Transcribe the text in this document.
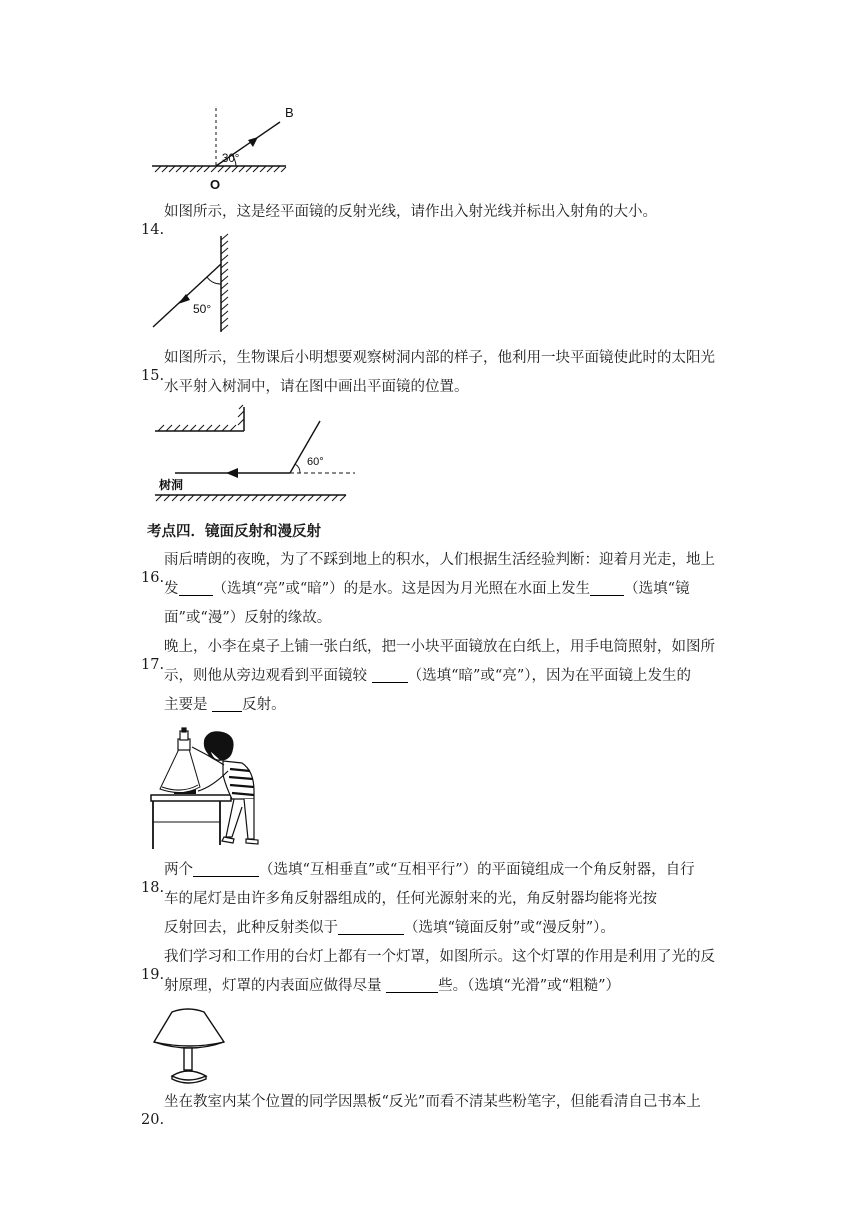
B
O
30°
14.
如图所示，这是经平面镜的反射光线，请作出入射光线并标出入射角的大小。
50°
15.
如图所示，生物课后小明想要观察树洞内部的样子，他利用一块平面镜使此时的太阳光
水平射入树洞中，请在图中画出平面镜的位置。
60°
树洞
考点四．镜面反射和漫反射
16.
雨后晴朗的夜晚，为了不踩到地上的积水，人们根据生活经验判断：迎着月光走，地上
发 （选填“亮”或“暗”）的是水。这是因为月光照在水面上发生 （选填“镜
面”或“漫”）反射的缘故。
17.
晚上，小李在桌子上铺一张白纸，把一小块平面镜放在白纸上，用手电筒照射，如图所
示，则他从旁边观看到平面镜较 （选填“暗”或“亮”），因为在平面镜上发生的
主要是 反射。
18.
两个	（选填“互相垂直”或“互相平行”）的平面镜组成一个角反射器，自行
车的尾灯是由许多角反射器组成的，任何光源射来的光，角反射器均能将光按
反射回去，此种反射类似于	（选填“镜面反射”或“漫反射”）。
19.
我们学习和工作用的台灯上都有一个灯罩，如图所示。这个灯罩的作用是利用了光的反
射原理，灯罩的内表面应做得尽量	些。（选填“光滑”或“粗糙”）
20.
坐在教室内某个位置的同学因黑板“反光”而看不清某些粉笔字，但能看清自己书本上
